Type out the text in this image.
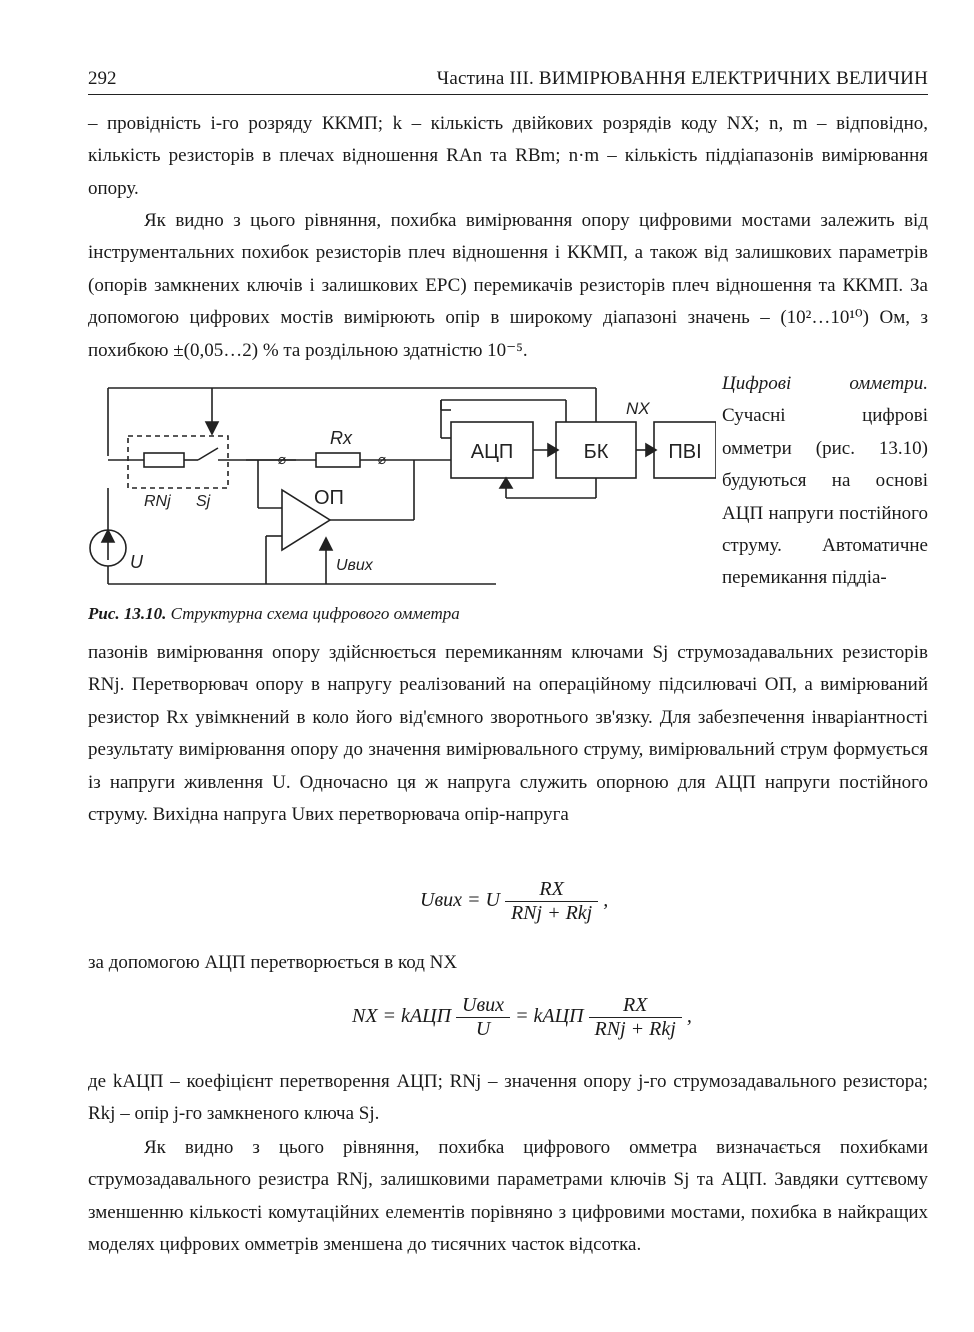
292	Частина ІІІ. ВИМІРЮВАННЯ ЕЛЕКТРИЧНИХ ВЕЛИЧИН

– провідність i-го розряду ККМП; k – кількість двійкових розрядів коду NX; n, m – відповідно, кількість резисторів в плечах відношення RAn та RBm; n·m – кількість піддіапазонів вимірювання опору.

Як видно з цього рівняння, похибка вимірювання опору цифровими мостами залежить від інструментальних похибок резисторів плеч відношення і ККМП, а також від залишкових параметрів (опорів замкнених ключів і залишкових ЕРС) перемикачів резисторів плеч відношення та ККМП. За допомогою цифрових мостів вимірюють опір в широкому діапазоні значень – (10²…10¹⁰) Ом, з похибкою ±(0,05…2) % та роздільною здатністю 10⁻⁵.

⌀	⌀
Rx
RNj Sj	ОП
U	Uвих
АЦП	БК	ПВІ
NX
Рис. 13.10. Структурна схема цифрового омметра

Цифрові омметри. Сучасні цифрові омметри (рис. 13.10) будуються на основі АЦП напруги постійного струму. Автоматичне перемикання піддіа-

пазонів вимірювання опору здійснюється перемиканням ключами Sj струмозадавальних резисторів RNj. Перетворювач опору в напругу реалізований на операційному підсилювачі ОП, а вимірюваний резистор Rx увімкнений в коло його від'ємного зворотнього зв'язку. Для забезпечення інваріантності результату вимірювання опору до значення вимірювального струму, вимірювальний струм формується із напруги живлення U. Одночасно ця ж напруга служить опорною для АЦП напруги постійного струму. Вихідна напруга Uвих перетворювача опір-напруга

Uвих = U $\frac{RX}{\text{RNj + Rkj}}$ ,

за допомогою АЦП перетворюється в код NX

NX = kАЦП $\frac{\text{Uвих}}{U}$ = kАЦП $\frac{RX}{\text{RNj + Rkj}}$ ,

де kАЦП – коефіцієнт перетворення АЦП; RNj – значення опору j-го струмозадавального резистора; Rkj – опір j-го замкненого ключа Sj.

Як видно з цього рівняння, похибка цифрового омметра визначається похибками струмозадавального резистра RNj, залишковими параметрами ключів Sj та АЦП. Завдяки суттєвому зменшенню кількості комутаційних елементів порівняно з цифровими мостами, похибка в найкращих моделях цифрових омметрів зменшена до тисячних часток відсотка.
